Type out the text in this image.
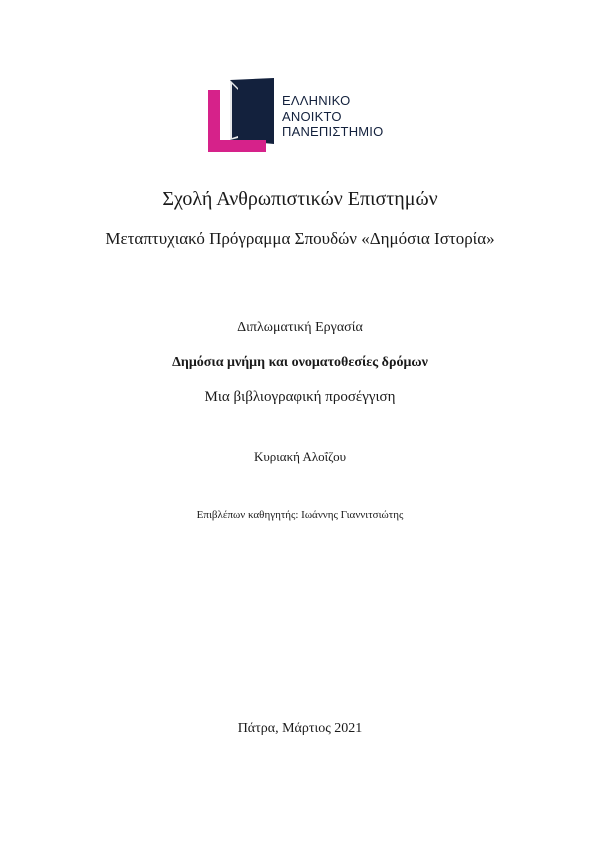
ΕΛΛΗΝΙΚΟ
ΑΝΟΙΚΤΟ
ΠΑΝΕΠΙΣΤΗΜΙΟ
Σχολή Ανθρωπιστικών Επιστημών
Μεταπτυχιακό Πρόγραμμα Σπουδών «Δημόσια Ιστορία»
Διπλωματική Εργασία
Δημόσια μνήμη και ονοματοθεσίες δρόμων
Μια βιβλιογραφική προσέγγιση
Κυριακή Αλοΐζου
Επιβλέπων καθηγητής: Ιωάννης Γιαννιτσιώτης
Πάτρα, Μάρτιος 2021
